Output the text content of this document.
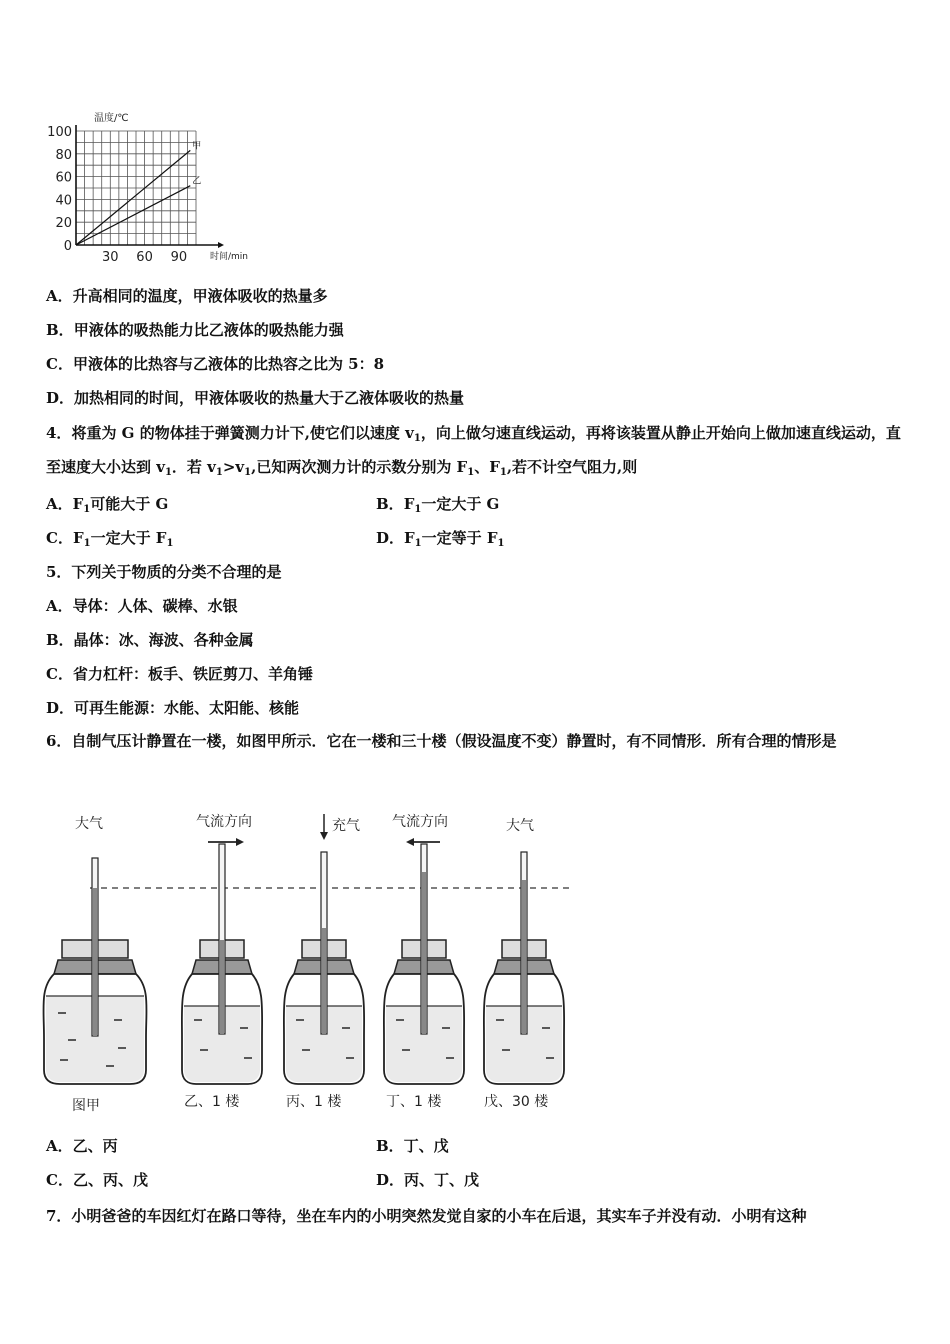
100
80
60
40
20
0
30 60 90
温度/℃
时间/min
甲
乙
A．升高相同的温度，甲液体吸收的热量多
B．甲液体的吸热能力比乙液体的吸热能力强
C．甲液体的比热容与乙液体的比热容之比为 5：8
D．加热相同的时间，甲液体吸收的热量大于乙液体吸收的热量
4．将重为 G 的物体挂于弹簧测力计下,使它们以速度 $v_1$，向上做匀速直线运动，再将该装置从静止开始向上做加速直线运动，直至速度大小达到 $v_1$．若 $v_1>v_1$,已知两次测力计的示数分别为 $F_1$、$F_1$,若不计空气阻力,则
A．$F_1$可能大于 G	B．$F_1$一定大于 G
C．$F_1$一定大于 $F_1$	D．$F_1$一定等于 $F_1$
5．下列关于物质的分类不合理的是
A．导体：人体、碳棒、水银
B．晶体：冰、海波、各种金属
C．省力杠杆：板手、铁匠剪刀、羊角锤
D．可再生能源：水能、太阳能、核能
6．自制气压计静置在一楼，如图甲所示．它在一楼和三十楼（假设温度不变）静置时，有不同情形．所有合理的情形是
大气	气流方向	充气 气流方向	大气
图甲	乙、1 楼	丙、1 楼	丁、1 楼	戊、30 楼
A．乙、丙	B．丁、戊
C．乙、丙、戊	D．丙、丁、戊
7．小明爸爸的车因红灯在路口等待，坐在车内的小明突然发觉自家的小车在后退，其实车子并没有动．小明有这种
